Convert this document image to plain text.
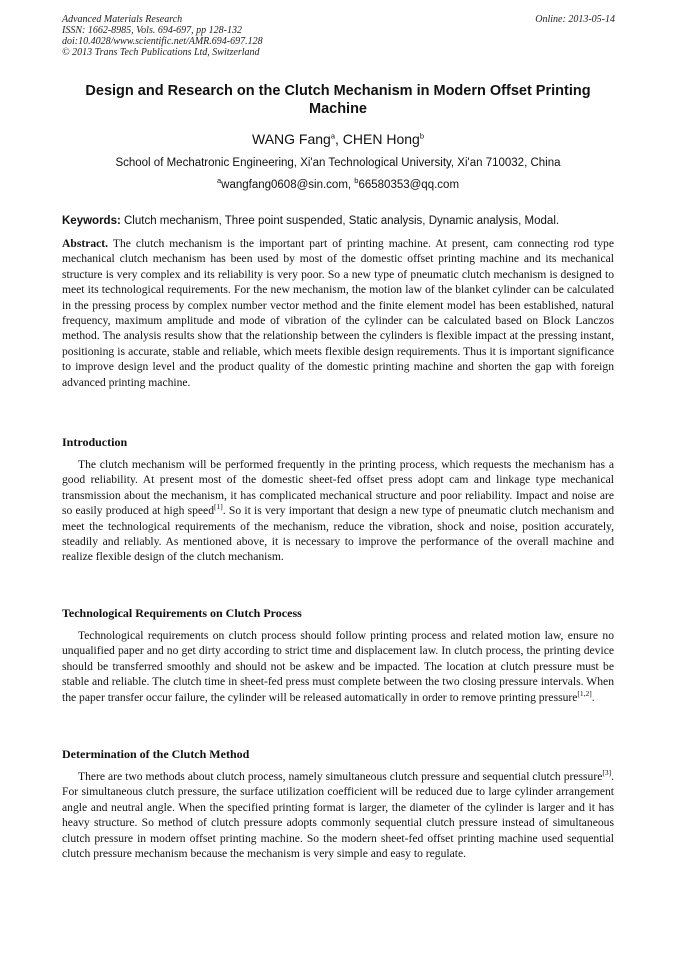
Advanced Materials Research
ISSN: 1662-8985, Vols. 694-697, pp 128-132
doi:10.4028/www.scientific.net/AMR.694-697.128
© 2013 Trans Tech Publications Ltd, Switzerland
Online: 2013-05-14
Design and Research on the Clutch Mechanism in Modern Offset Printing Machine
WANG Fang$^a$, CHEN Hong$^b$
School of Mechatronic Engineering, Xi'an Technological University, Xi'an 710032, China
$^a$wangfang0608@sin.com, $^b$66580353@qq.com
Keywords: Clutch mechanism, Three point suspended, Static analysis, Dynamic analysis, Modal.

Abstract. The clutch mechanism is the important part of printing machine. At present, cam connecting rod type mechanical clutch mechanism has been used by most of the domestic offset printing machine and its mechanical structure is very complex and its reliability is very poor. So a new type of pneumatic clutch mechanism is designed to meet its technological requirements. For the new mechanism, the motion law of the blanket cylinder can be calculated in the pressing process by complex number vector method and the finite element model has been established, natural frequency, maximum amplitude and mode of vibration of the cylinder can be calculated based on Block Lanczos method. The analysis results show that the relationship between the cylinders is flexible impact at the pressing instant, positioning is accurate, stable and reliable, which meets flexible design requirements. Thus it is important significance to improve design level and the product quality of the domestic printing machine and shorten the gap with foreign advanced printing machine.

Introduction

The clutch mechanism will be performed frequently in the printing process, which requests the mechanism has a good reliability. At present most of the domestic sheet-fed offset press adopt cam and linkage type mechanical transmission about the mechanism, it has complicated mechanical structure and poor reliability. Impact and noise are so easily produced at high speed[1]. So it is very important that design a new type of pneumatic clutch mechanism and meet the technological requirements of the mechanism, reduce the vibration, shock and noise, position accurately, steadily and reliably. As mentioned above, it is necessary to improve the performance of the overall machine and realize flexible design of the clutch mechanism.

Technological Requirements on Clutch Process

Technological requirements on clutch process should follow printing process and related motion law, ensure no unqualified paper and no get dirty according to strict time and displacement law. In clutch process, the printing device should be transferred smoothly and should not be askew and be impacted. The location at clutch pressure must be stable and reliable. The clutch time in sheet-fed press must complete between the two closing pressure intervals. When the paper transfer occur failure, the cylinder will be released automatically in order to remove printing pressure[1,2].

Determination of the Clutch Method

There are two methods about clutch process, namely simultaneous clutch pressure and sequential clutch pressure[3]. For simultaneous clutch pressure, the surface utilization coefficient will be reduced due to large cylinder arrangement angle and neutral angle. When the specified printing format is larger, the diameter of the cylinder is larger and it has heavy structure. So method of clutch pressure adopts commonly sequential clutch pressure instead of simultaneous clutch pressure in modern offset printing machine. So the modern sheet-fed offset printing machine used sequential clutch pressure mechanism because the mechanism is very simple and easy to regulate.
